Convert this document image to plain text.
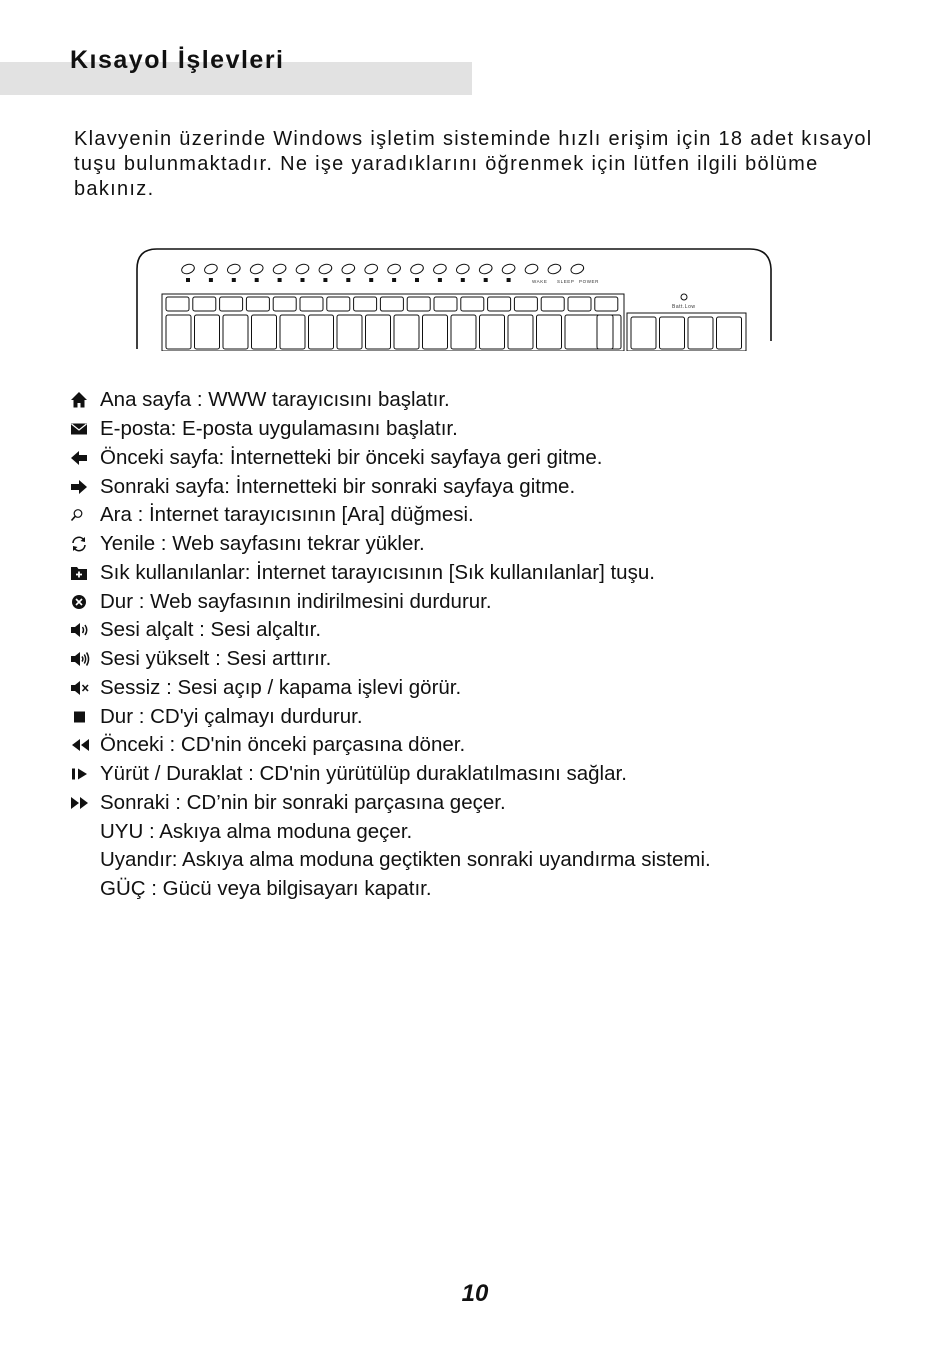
Kısayol İşlevleri
Klavyenin üzerinde Windows işletim sisteminde hızlı erişim için 18 adet kısayol tuşu bulunmaktadır. Ne işe yaradıklarını öğrenmek için lütfen ilgili bölüme bakınız.
WAKE SLEEP POWER
Batt.Low
Ana sayfa : WWW tarayıcısını başlatır.
E-posta: E-posta uygulamasını başlatır.
Önceki sayfa: İnternetteki bir önceki sayfaya geri gitme.
Sonraki sayfa: İnternetteki bir sonraki sayfaya gitme.
Ara : İnternet tarayıcısının [Ara] düğmesi.
Yenile : Web sayfasını tekrar yükler.
Sık kullanılanlar: İnternet tarayıcısının [Sık kullanılanlar] tuşu.
Dur : Web sayfasının indirilmesini durdurur.
Sesi alçalt : Sesi alçaltır.
Sesi yükselt : Sesi arttırır.
Sessiz : Sesi açıp / kapama işlevi görür.
Dur : CD'yi çalmayı durdurur.
Önceki : CD'nin önceki parçasına döner.
Yürüt / Duraklat : CD'nin yürütülüp duraklatılmasını sağlar.
Sonraki : CD’nin bir sonraki parçasına geçer.
UYU : Askıya alma moduna geçer.
Uyandır: Askıya alma moduna geçtikten sonraki uyandırma sistemi.
GÜÇ : Gücü veya bilgisayarı kapatır.
10
